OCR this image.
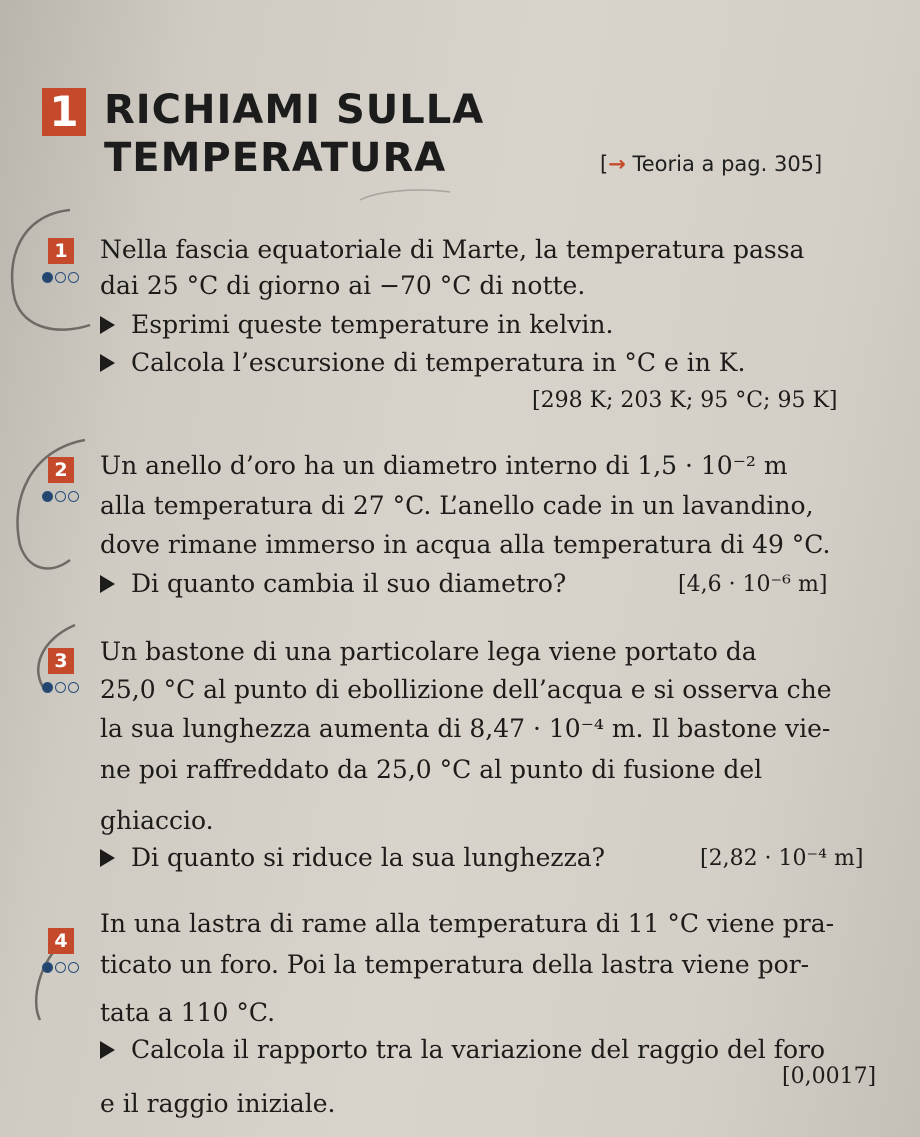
1 RICHIAMI SULLA
TEMPERATURA	[→ Teoria a pag. 305]
1 Nella fascia equatoriale di Marte, la temperatura passa
dai 25 °C di giorno ai −70 °C di notte.
Esprimi queste temperature in kelvin.
Calcola l’escursione di temperatura in °C e in K.
[298 K; 203 K; 95 °C; 95 K]
2 Un anello d’oro ha un diametro interno di 1,5 · 10⁻² m
alla temperatura di 27 °C. L’anello cade in un lavandino,
dove rimane immerso in acqua alla temperatura di 49 °C.
Di quanto cambia il suo diametro?	[4,6 · 10⁻⁶ m]
3 Un bastone di una particolare lega viene portato da
25,0 °C al punto di ebollizione dell’acqua e si osserva che
la sua lunghezza aumenta di 8,47 · 10⁻⁴ m. Il bastone vie-
ne poi raffreddato da 25,0 °C al punto di fusione del
ghiaccio.
Di quanto si riduce la sua lunghezza?	[2,82 · 10⁻⁴ m]
4
In una lastra di rame alla temperatura di 11 °C viene pra-
ticato un foro. Poi la temperatura della lastra viene por-
tata a 110 °C.
Calcola il rapporto tra la variazione del raggio del foro
e il raggio iniziale.
[0,0017]
